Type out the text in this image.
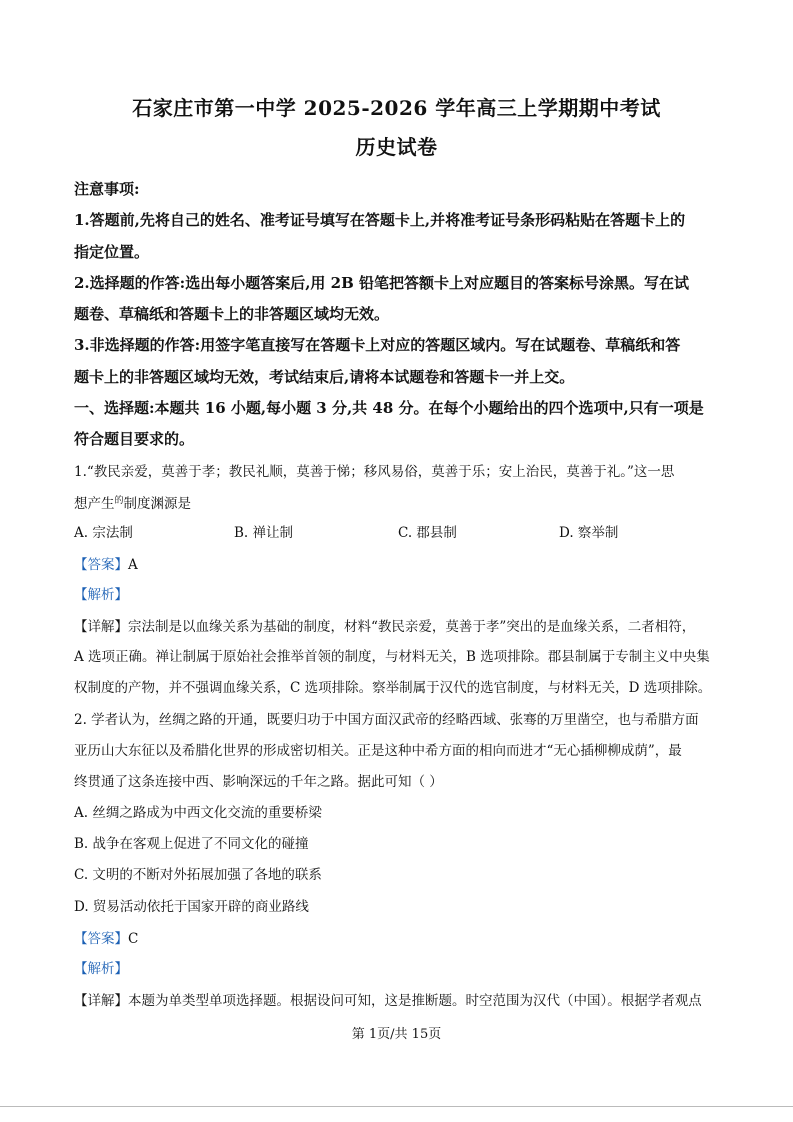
石家庄市第一中学 2025-2026 学年高三上学期期中考试
历史试卷
注意事项:
1.答题前,先将自己的姓名、准考证号填写在答题卡上,并将准考证号条形码粘贴在答题卡上的
指定位置。
2.选择题的作答:选出每小题答案后,用 2B 铅笔把答额卡上对应题目的答案标号涂黑。写在试
题卷、草稿纸和答题卡上的非答题区域均无效。
3.非选择题的作答:用签字笔直接写在答题卡上对应的答题区域内。写在试题卷、草稿纸和答
题卡上的非答题区域均无效，考试结束后,请将本试题卷和答题卡一并上交。
一、选择题:本题共 16 小题,每小题 3 分,共 48 分。在每个小题给出的四个选项中,只有一项是
符合题目要求的。
1.“教民亲爱，莫善于孝；教民礼顺，莫善于悌；移风易俗，莫善于乐；安上治民，莫善于礼。”这一思
想产生$^的$制度渊源是
A. 宗法制	B. 禅让制	C. 郡县制	D. 察举制
【答案】A
【解析】
【详解】宗法制是以血缘关系为基础的制度，材料“教民亲爱，莫善于孝”突出的是血缘关系，二者相符，
A 选项正确。禅让制属于原始社会推举首领的制度，与材料无关，B 选项排除。郡县制属于专制主义中央集
权制度的产物，并不强调血缘关系，C 选项排除。察举制属于汉代的选官制度，与材料无关，D 选项排除。
2. 学者认为，丝绸之路的开通，既要归功于中国方面汉武帝的经略西域、张骞的万里凿空，也与希腊方面
亚历山大东征以及希腊化世界的形成密切相关。正是这种中希方面的相向而进才“无心插柳柳成荫”，最
终贯通了这条连接中西、影响深远的千年之路。据此可知（ ）
A. 丝绸之路成为中西文化交流的重要桥梁
B. 战争在客观上促进了不同文化的碰撞
C. 文明的不断对外拓展加强了各地的联系
D. 贸易活动依托于国家开辟的商业路线
【答案】C
【解析】
【详解】本题为单类型单项选择题。根据设问可知，这是推断题。时空范围为汉代（中国）。根据学者观点
第 1页/共 15页
